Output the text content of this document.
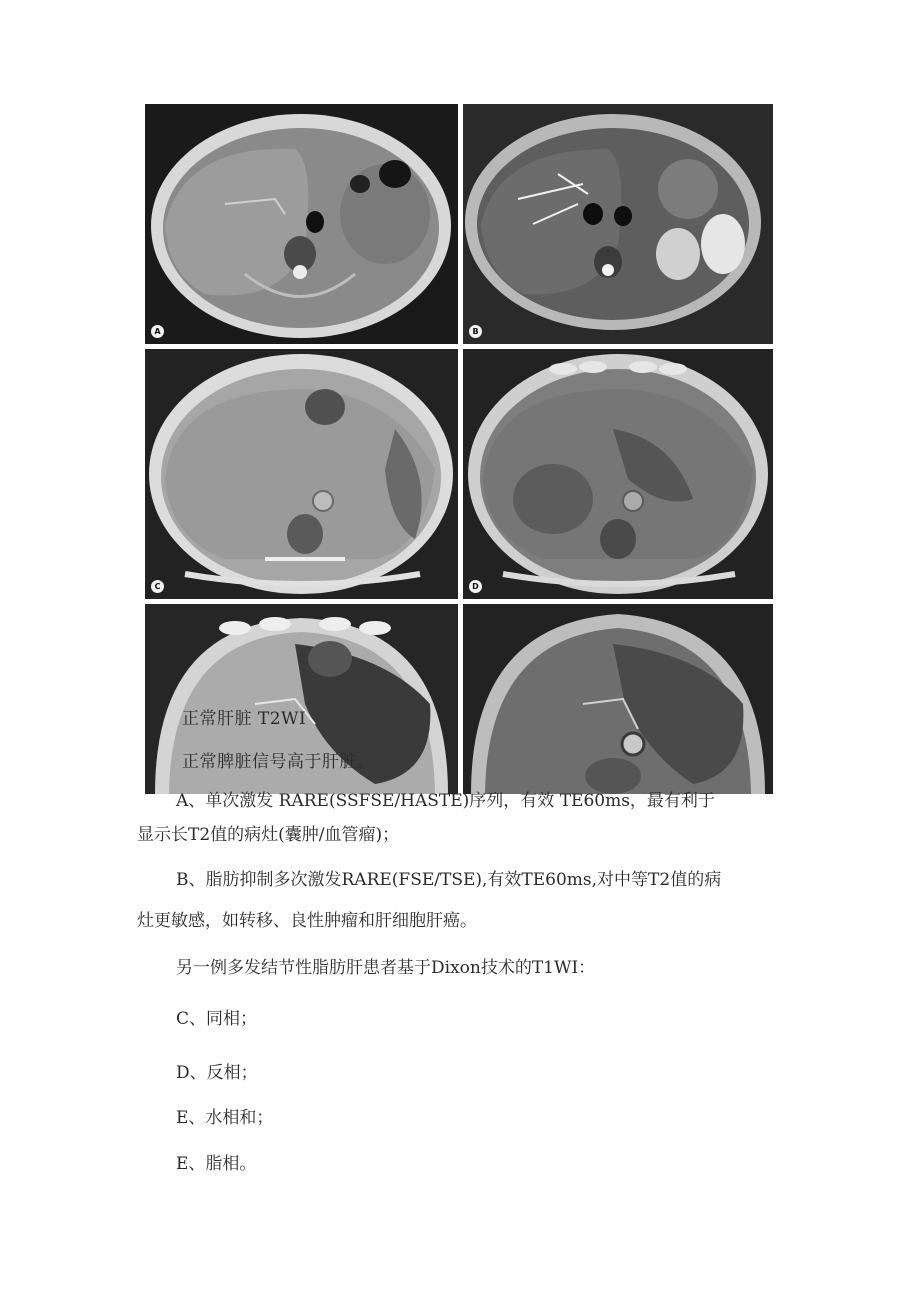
A	B
C	D
正常肝脏 T2WI
正常脾脏信号高于肝脏。
A、单次激发 RARE(SSFSE/HASTE)序列，有效 TE60ms，最有利于
显示长T2值的病灶(囊肿/血管瘤)；
B、脂肪抑制多次激发RARE(FSE/TSE),有效TE60ms,对中等T2值的病
灶更敏感，如转移、良性肿瘤和肝细胞肝癌。
另一例多发结节性脂肪肝患者基于Dixon技术的T1WI：
C、同相；
D、反相；
E、水相和；
E、脂相。
